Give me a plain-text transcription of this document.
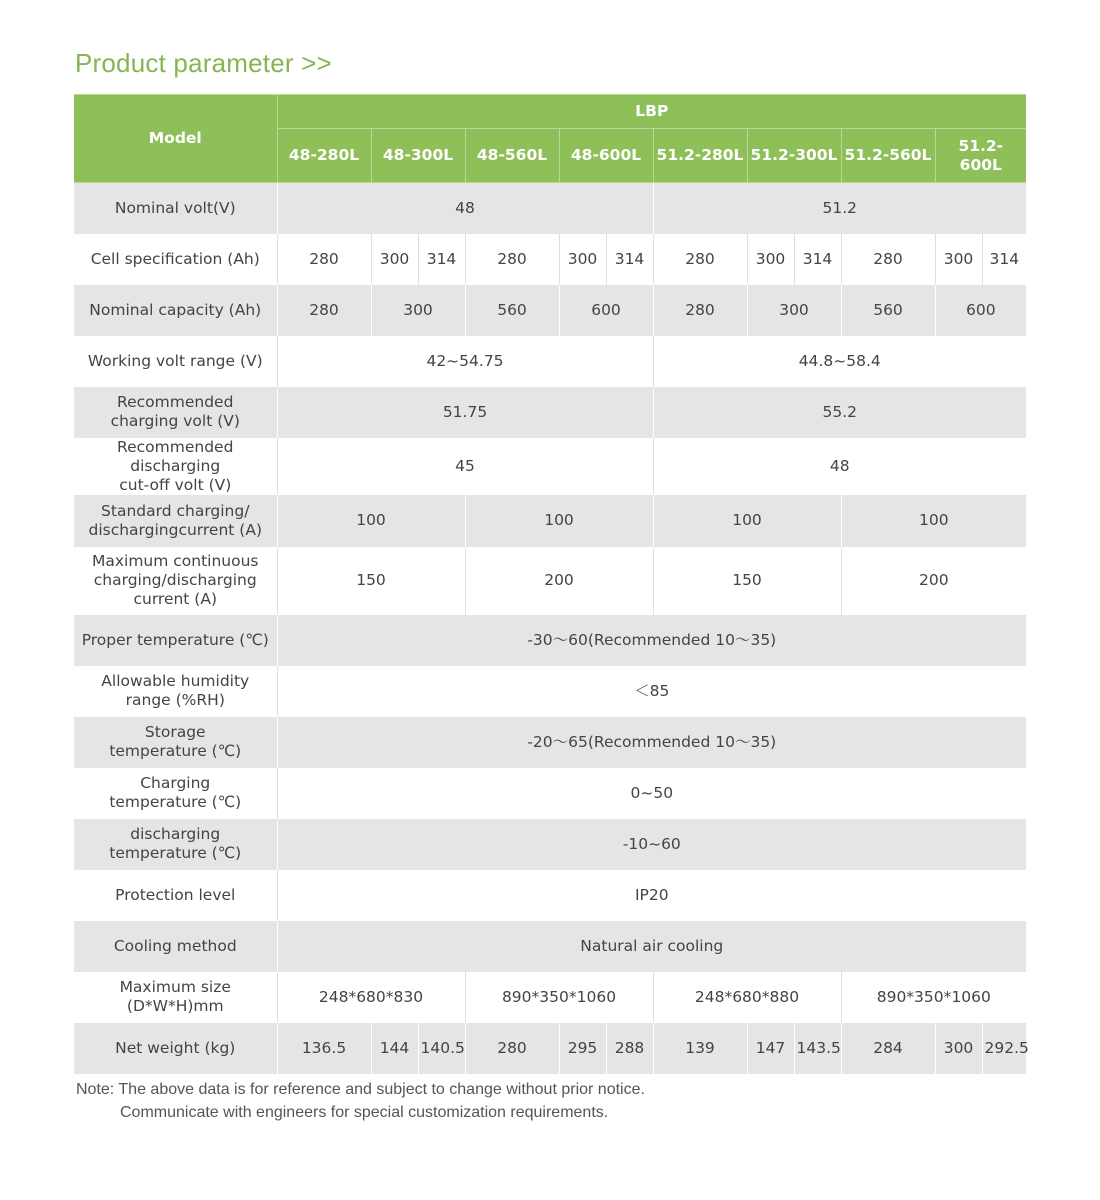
Product parameter >>
Model	LBP											
	48-280L	48-300L		48-560L	48-600L		51.2-280L	51.2-300L		51.2-560L	51.2-600L	
Nominal volt(V)	48						51.2					
Cell specification (Ah)	280	300	314	280	300	314	280	300	314	280	300	314
Nominal capacity (Ah)	280	300		560	600		280	300		560	600	
Working volt range (V)	42~54.75						44.8~58.4					
Recommended
charging volt (V)	51.75						55.2					
Recommended discharging
cut-off volt (V)	45						48					
Standard charging/
dischargingcurrent (A)	100			100			100			100		
Maximum continuous
charging/discharging
current (A)	150			200			150			200		
Proper temperature (℃)	-30～60(Recommended 10～35)											
Allowable humidity
range (%RH)	＜85											
Storage
temperature (℃)	-20～65(Recommended 10～35)											
Charging
temperature (℃)	0~50											
discharging
temperature (℃)	-10~60											
Protection level	IP20											
Cooling method	Natural air cooling											
Maximum size
(D*W*H)mm	248*680*830			890*350*1060			248*680*880			890*350*1060		
Net weight (kg)	136.5	144	140.5	280	295	288	139	147	143.5	284	300	292.5
Note: The above data is for reference and subject to change without prior notice.
Communicate with engineers for special customization requirements.
